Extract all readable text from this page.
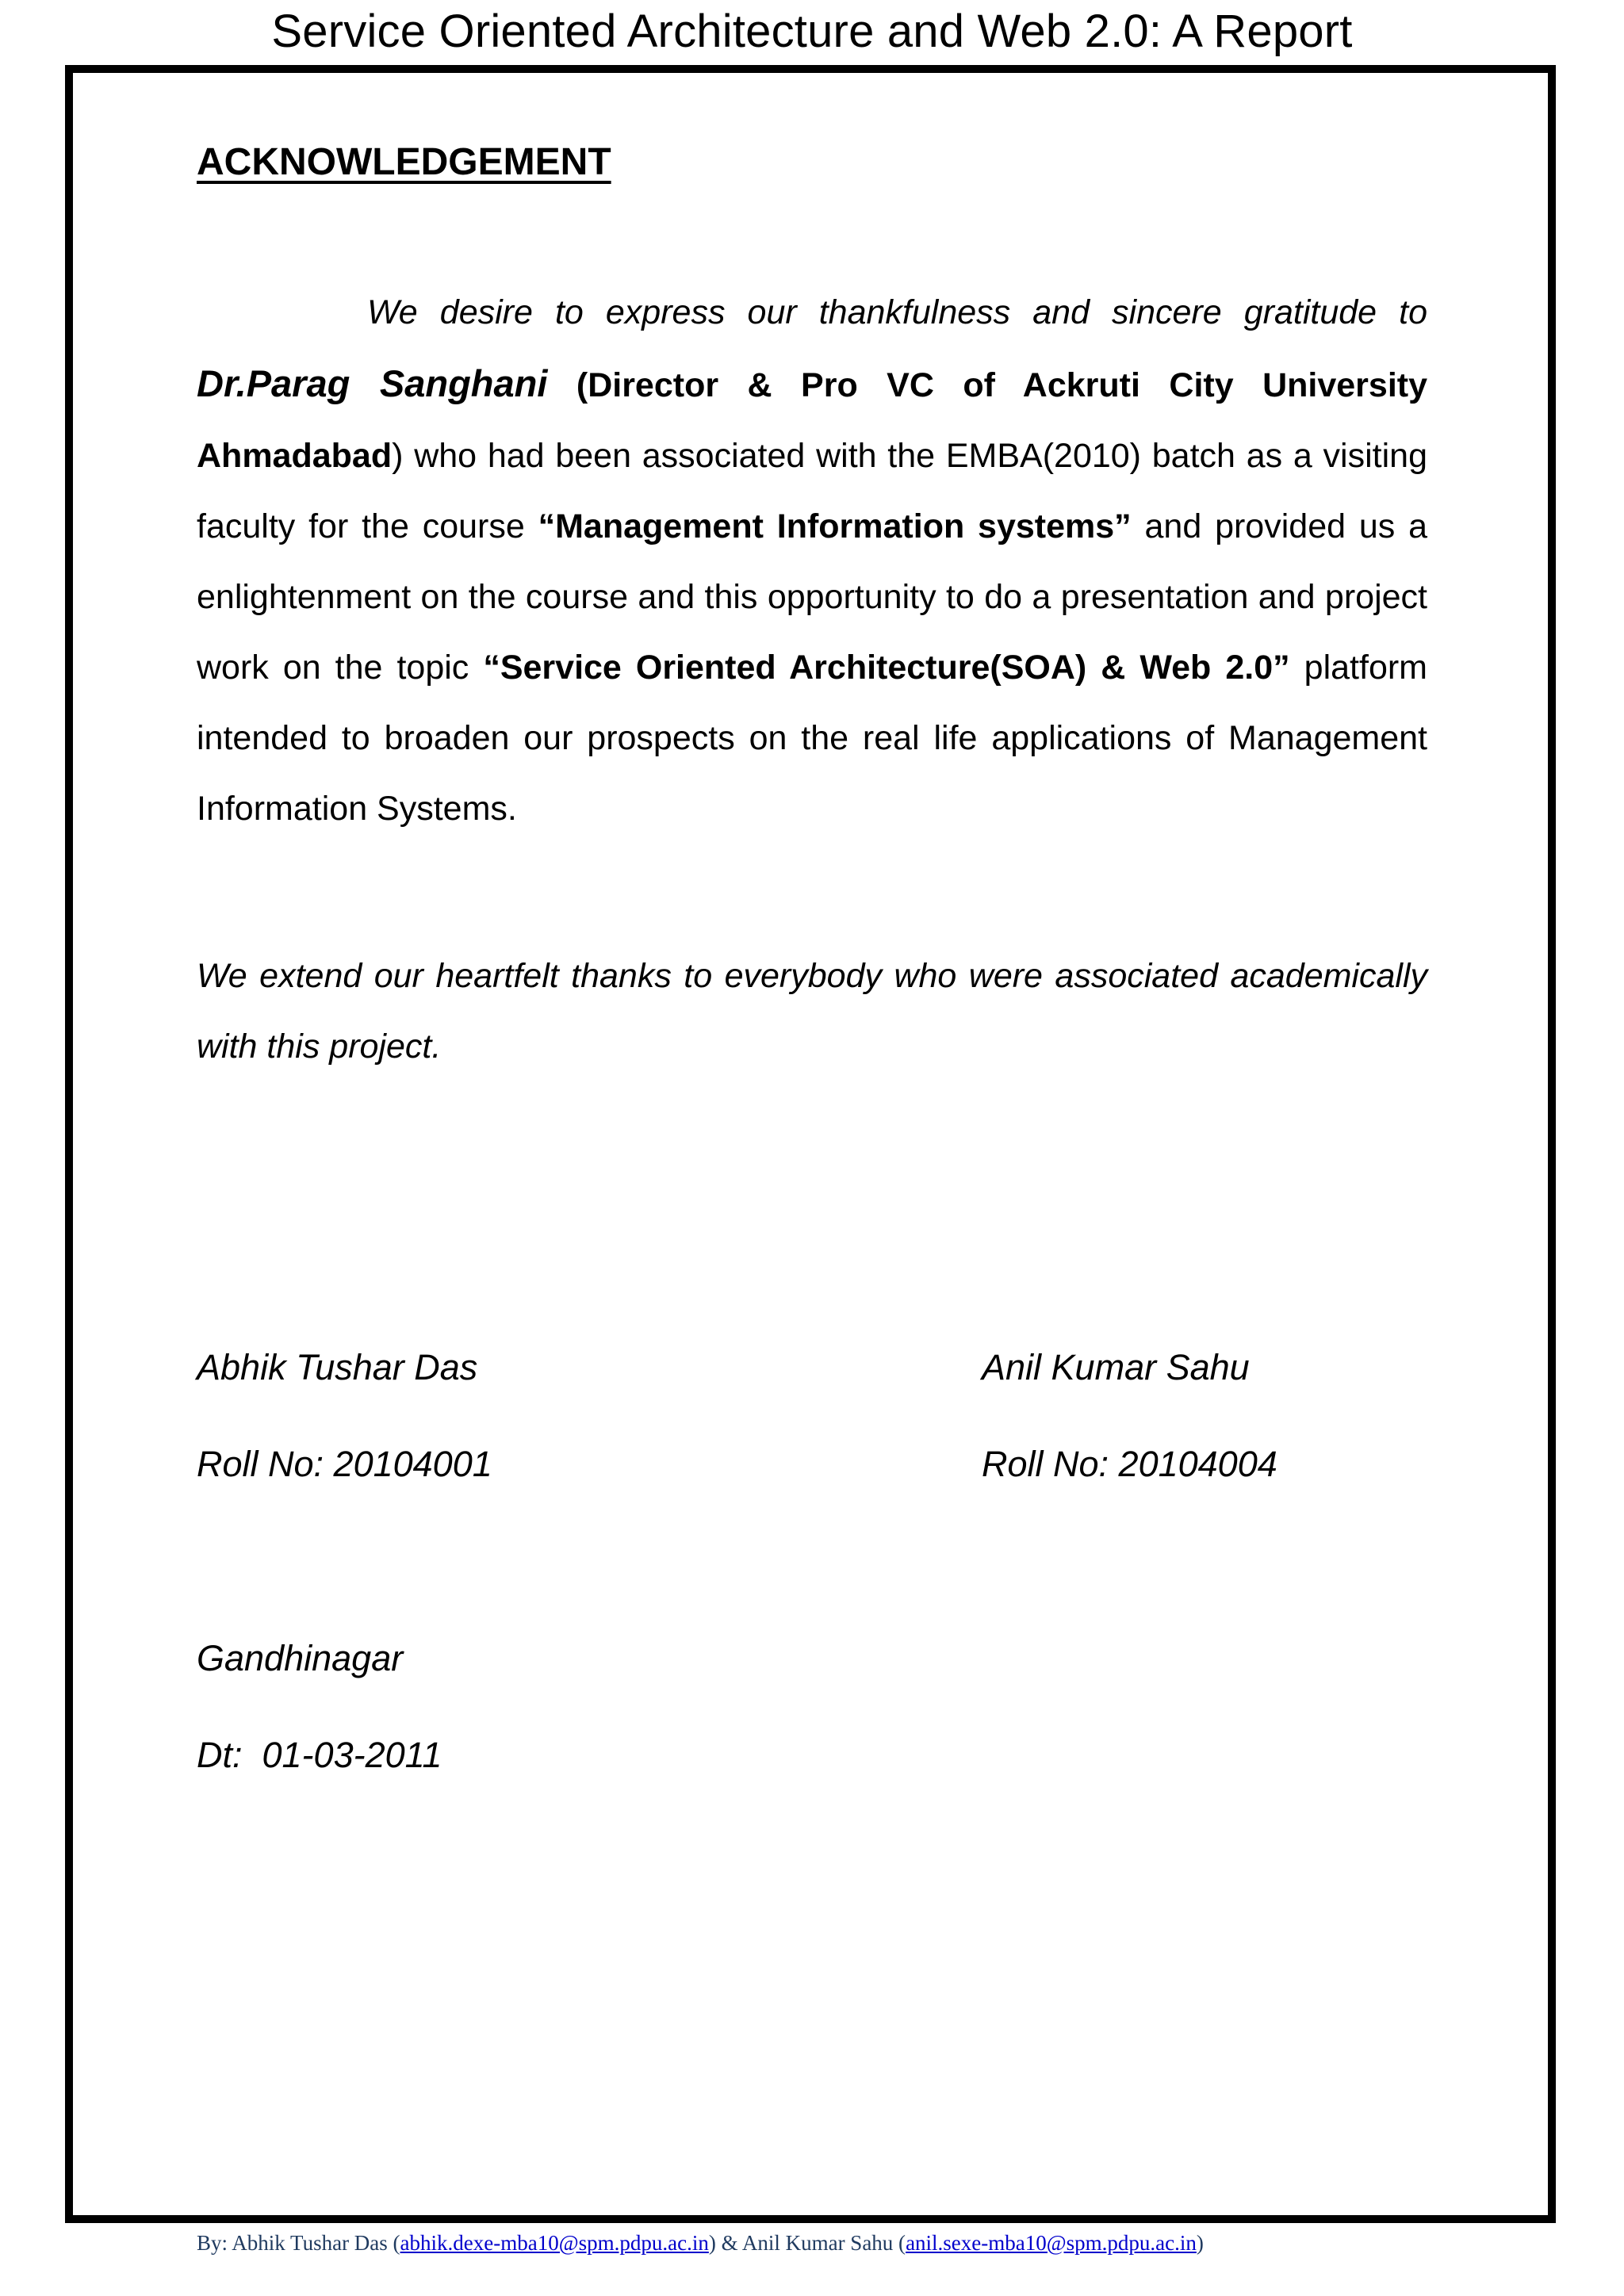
Service Oriented Architecture and Web 2.0: A Report
ACKNOWLEDGEMENT

We desire to express our thankfulness and sincere gratitude to Dr.Parag Sanghani (Director & Pro VC of Ackruti City University Ahmadabad) who had been associated with the EMBA(2010) batch as a visiting faculty for the course “Management Information systems” and provided us a enlightenment on the course and this opportunity to do a presentation and project work on the topic “Service Oriented Architecture(SOA) & Web 2.0” platform intended to broaden our prospects on the real life applications of Management Information Systems.

We extend our heartfelt thanks to everybody who were associated academically with this project.

Abhik Tushar Das
Roll No: 20104001
Anil Kumar Sahu
Roll No: 20104004
Gandhinagar
Dt:  01-03-2011
By: Abhik Tushar Das (abhik.dexe-mba10@spm.pdpu.ac.in) & Anil Kumar Sahu (anil.sexe-mba10@spm.pdpu.ac.in)
